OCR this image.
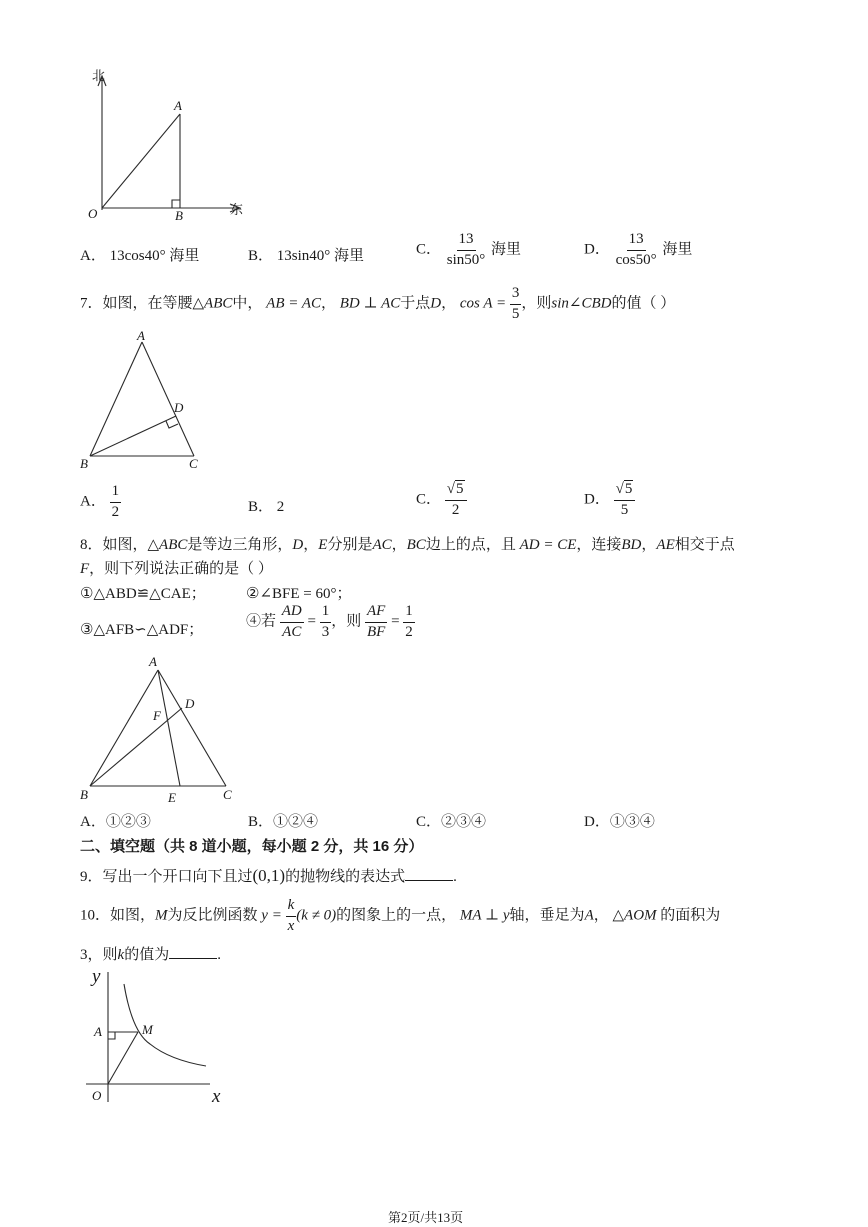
北
东
A
B
O
A． 13cos40° 海里	B． 13sin40° 海里	C． $\frac{13}{\sin 50^\circ}$ 海里	D． $\frac{13}{\cos 50^\circ}$ 海里
7．如图，在等腰△ABC中， AB = AC， BD ⊥ AC于点D， $\cos A = \frac{3}{5}$ ，则sin∠CBD的值（ ）
A
B	C
D
A． $\frac{1}{2}$	B． 2	C． $\frac{√5}{2}$	D． $\frac{√5}{5}$
8．如图，△ABC是等边三角形，D，E分别是AC，BC边上的点，且 AD = CE，连接BD，AE相交于点
F，则下列说法正确的是（ ）
①△ABD≌△CAE；	②∠BFE = 60°；
③△AFB∽△ADF；
④若 $\frac{AD}{AC} = \frac{1}{3}$ ，则 $\frac{AF}{BF} = \frac{1}{2}$
A
B	C
D
E
F
A．①②③	B．①②④	C．②③④	D．①③④
二、填空题（共 8 道小题，每小题 2 分，共 16 分）
9．写出一个开口向下且过(0,1)的抛物线的表达式	.
10．如图，M为反比例函数 $y = \frac{k}{x} (k \ne 0)$的图象上的一点， MA ⊥ y轴，垂足为A， △AOM 的面积为
3，则k的值为	.
y
x
A	M
O
第2页/共13页
